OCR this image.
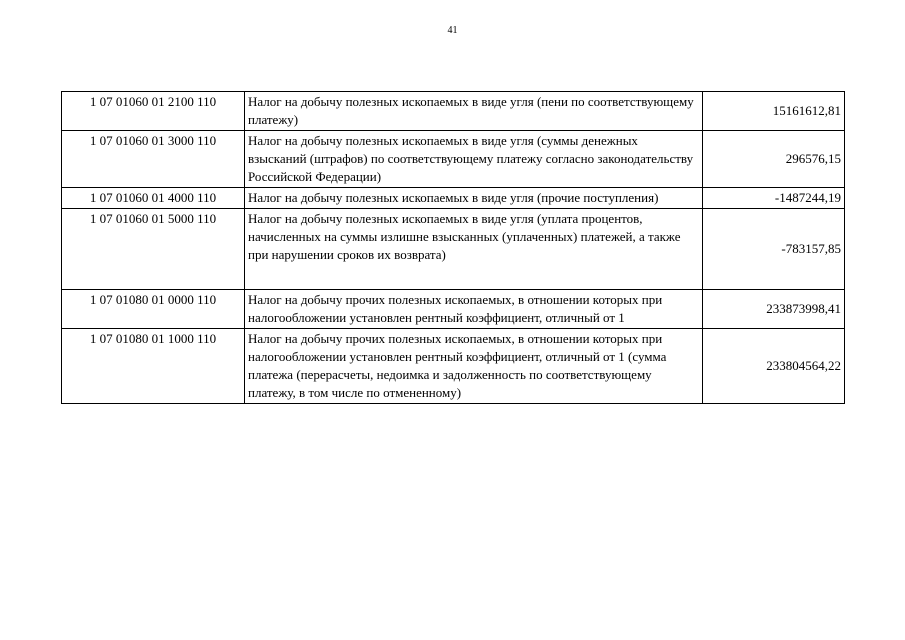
41
1 07 01060 01 2100 110	Налог на добычу полезных ископаемых в виде угля (пени по соответствующему платежу)	15161612,81
1 07 01060 01 3000 110	Налог на добычу полезных ископаемых в виде угля (суммы денежных взысканий (штрафов) по соответствующему платежу согласно законодательству Российской Федерации)	296576,15
1 07 01060 01 4000 110	Налог на добычу полезных ископаемых в виде угля (прочие поступления)	-1487244,19
1 07 01060 01 5000 110	Налог на добычу полезных ископаемых в виде угля (уплата процентов, начисленных на суммы излишне взысканных (уплаченных) платежей, а также при нарушении сроков их возврата)	-783157,85
1 07 01080 01 0000 110	Налог на добычу прочих полезных ископаемых, в отношении которых при налогообложении установлен рентный коэффициент, отличный от 1	233873998,41
1 07 01080 01 1000 110	Налог на добычу прочих полезных ископаемых, в отношении которых при налогообложении установлен рентный коэффициент, отличный от 1 (сумма платежа (перерасчеты, недоимка и задолженность по соответствующему платежу, в том числе по отмененному)	233804564,22
